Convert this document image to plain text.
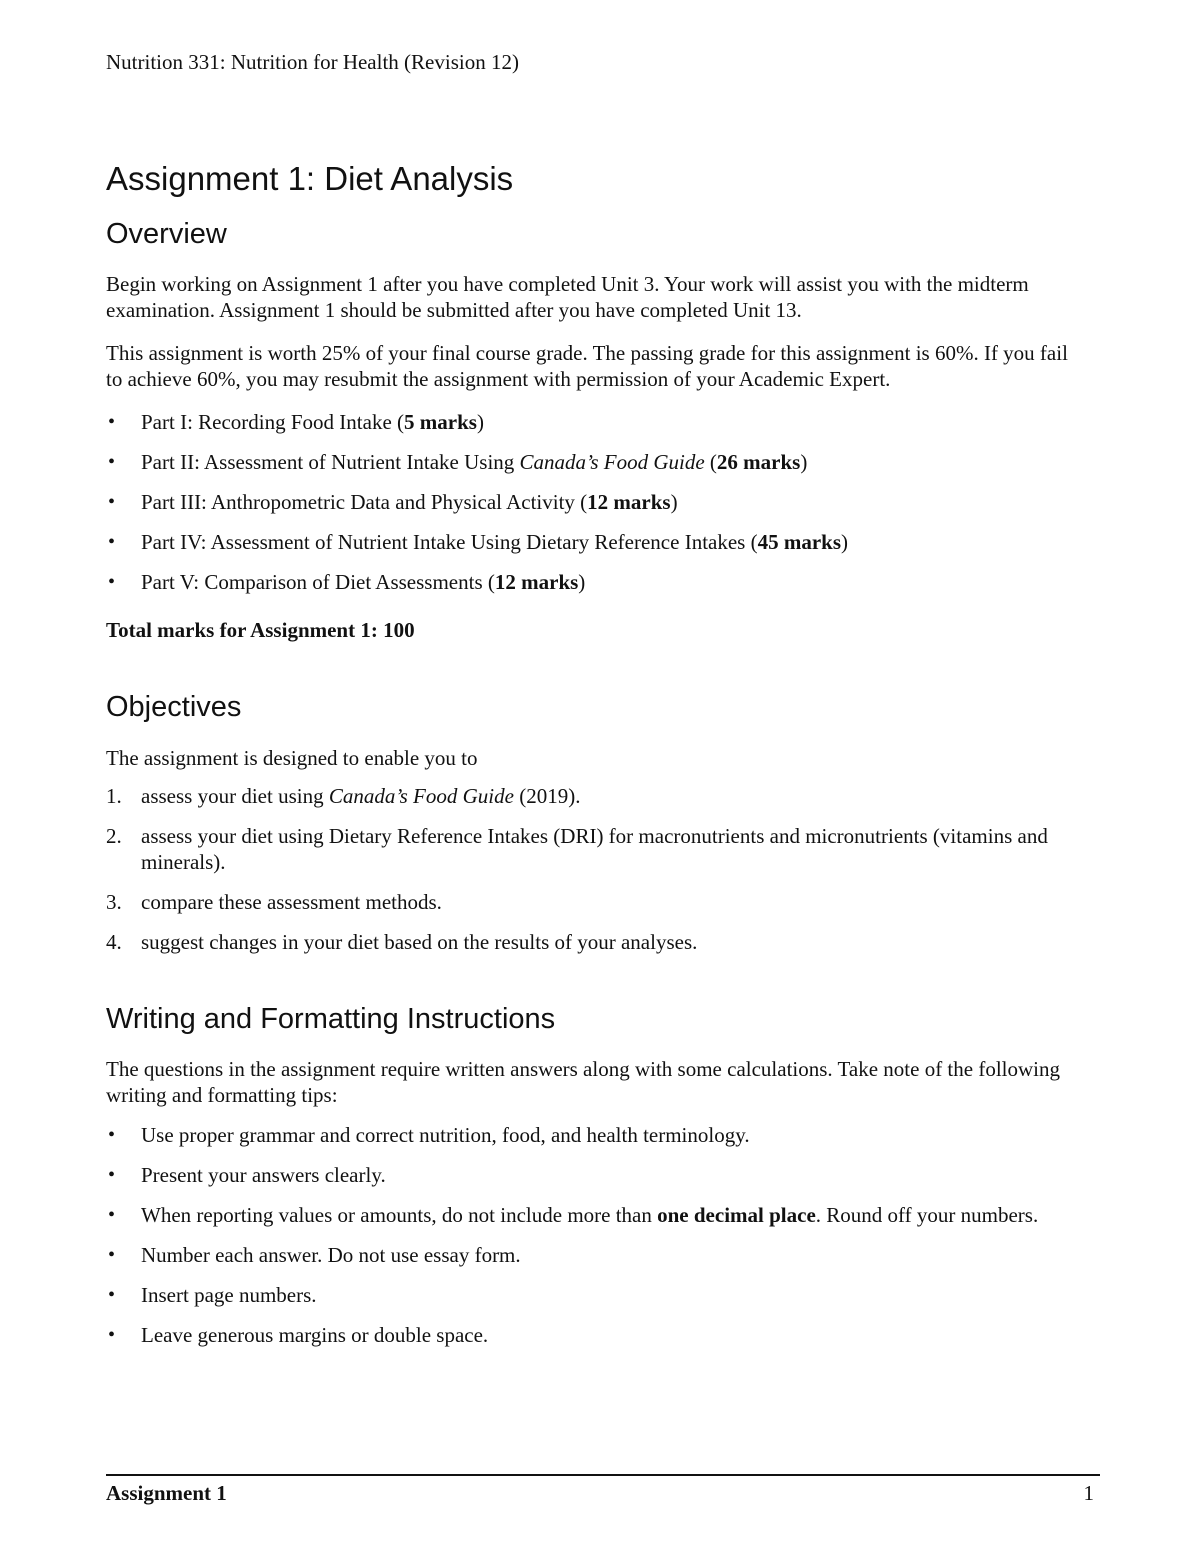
Nutrition 331: Nutrition for Health (Revision 12)
Assignment 1: Diet Analysis
Overview

Begin working on Assignment 1 after you have completed Unit 3. Your work will assist you with the midterm examination. Assignment 1 should be submitted after you have completed Unit 13.

This assignment is worth 25% of your final course grade. The passing grade for this assignment is 60%. If you fail to achieve 60%, you may resubmit the assignment with permission of your Academic Expert.

• Part I: Recording Food Intake (5 marks)
• Part II: Assessment of Nutrient Intake Using Canada’s Food Guide (26 marks)
• Part III: Anthropometric Data and Physical Activity (12 marks)
• Part IV: Assessment of Nutrient Intake Using Dietary Reference Intakes (45 marks)
• Part V: Comparison of Diet Assessments (12 marks)

Total marks for Assignment 1: 100

Objectives

The assignment is designed to enable you to

1. assess your diet using Canada’s Food Guide (2019).
2. assess your diet using Dietary Reference Intakes (DRI) for macronutrients and micronutrients (vitamins and minerals).
3. compare these assessment methods.
4. suggest changes in your diet based on the results of your analyses.
Writing and Formatting Instructions

The questions in the assignment require written answers along with some calculations. Take note of the following writing and formatting tips:

• Use proper grammar and correct nutrition, food, and health terminology.
• Present your answers clearly.
• When reporting values or amounts, do not include more than one decimal place. Round off your numbers.
• Number each answer. Do not use essay form.
• Insert page numbers.
• Leave generous margins or double space.
Assignment 1	1
